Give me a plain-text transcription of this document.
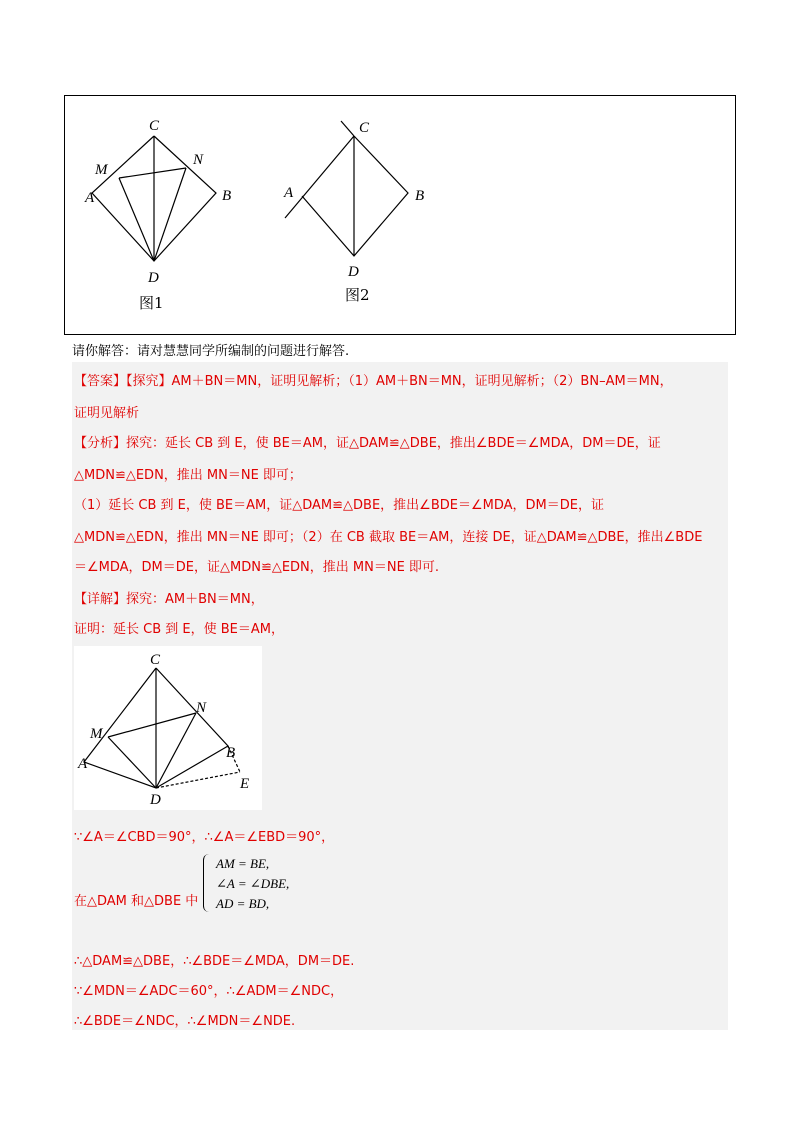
C
M
N
A	B
D
图1
C
A	B
D
图2
请你解答：请对慧慧同学所编制的问题进行解答.
【答案】【探究】AM＋BN＝MN，证明见解析；（1）AM＋BN＝MN，证明见解析；（2）BN–AM＝MN，
证明见解析
【分析】探究：延长 CB 到 E，使 BE＝AM，证△DAM≌△DBE，推出∠BDE＝∠MDA，DM＝DE，证
△MDN≌△EDN，推出 MN＝NE 即可；
（1）延长 CB 到 E，使 BE＝AM，证△DAM≌△DBE，推出∠BDE＝∠MDA，DM＝DE，证
△MDN≌△EDN，推出 MN＝NE 即可；（2）在 CB 截取 BE＝AM，连接 DE，证△DAM≌△DBE，推出∠BDE
＝∠MDA，DM＝DE，证△MDN≌△EDN，推出 MN＝NE 即可.
【详解】探究：AM＋BN＝MN，
证明：延长 CB 到 E，使 BE＝AM，
C
N
M
B
A
D
E
∵∠A＝∠CBD＝90°，∴∠A＝∠EBD＝90°，
在△DAM 和△DBE 中
AM = BE,
∠A = ∠DBE,
AD = BD,
∴△DAM≌△DBE，∴∠BDE＝∠MDA，DM＝DE.
∵∠MDN＝∠ADC＝60°，∴∠ADM＝∠NDC，
∴∠BDE＝∠NDC，∴∠MDN＝∠NDE.
